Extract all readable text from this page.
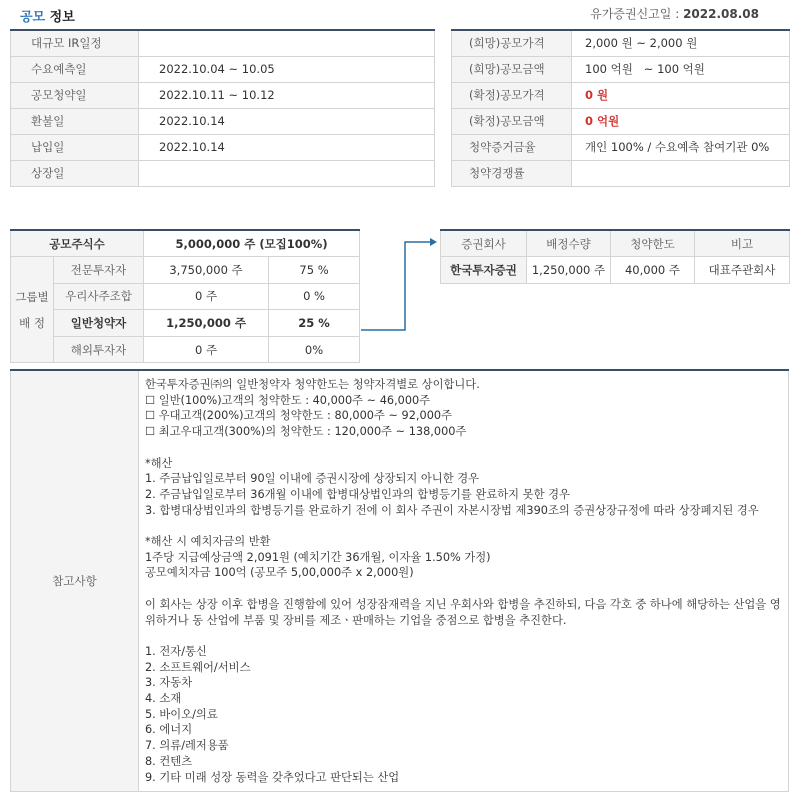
공모 정보	유가증권신고일 : 2022.08.08
대규모 IR일정	
수요예측일	2022.10.04 ~ 10.05
공모청약일	2022.10.11 ~ 10.12
환불일	2022.10.14
납입일	2022.10.14
상장일	
(희망)공모가격	2,000 원 ~ 2,000 원
(희망)공모금액	100 억원   ~ 100 억원
(확정)공모가격	0 원
(확정)공모금액	0 억원
청약증거금율	개인 100% / 수요예측 참여기관 0%
청약경쟁률	
공모주식수		5,000,000 주 (모집100%)	
그룹별
배 정	전문투자자	3,750,000 주	75 %
	우리사주조합	0 주	0 %
	일반청약자	1,250,000 주	25 %
	해외투자자	0 주	0%
증권회사	배정수량	청약한도	비고
한국투자증권	1,250,000 주	40,000 주	대표주관회사
참고사항	
한국투자증권㈜의 일반청약자 청약한도는 청약자격별로 상이합니다.
☐ 일반(100%)고객의 청약한도 : 40,000주 ~ 46,000주
☐ 우대고객(200%)고객의 청약한도 : 80,000주 ~ 92,000주
☐ 최고우대고객(300%)의 청약한도 : 120,000주 ~ 138,000주
*해산
1. 주금납입일로부터 90일 이내에 증권시장에 상장되지 아니한 경우
2. 주금납입일로부터 36개월 이내에 합병대상법인과의 합병등기를 완료하지 못한 경우
3. 합병대상법인과의 합병등기를 완료하기 전에 이 회사 주권이 자본시장법 제390조의 증권상장규정에 따라 상장폐지된 경우
*해산 시 예치자금의 반환
1주당 지급예상금액 2,091원 (예치기간 36개월, 이자율 1.50% 가정)
공모예치자금 100억 (공모주 5,00,000주 x 2,000원)
이 회사는 상장 이후 합병을 진행함에 있어 성장잠재력을 지닌 우회사와 합병을 추진하되, 다음 각호 중 하나에 해당하는 산업을 영위하거나 동 산업에 부품 및 장비를 제조ㆍ판매하는 기업을 중점으로 합병을 추진한다.
1. 전자/통신
2. 소프트웨어/서비스
3. 자동차
4. 소재
5. 바이오/의료
6. 에너지
7. 의류/레저용품
8. 컨텐츠
9. 기타 미래 성장 동력을 갖추었다고 판단되는 산업
